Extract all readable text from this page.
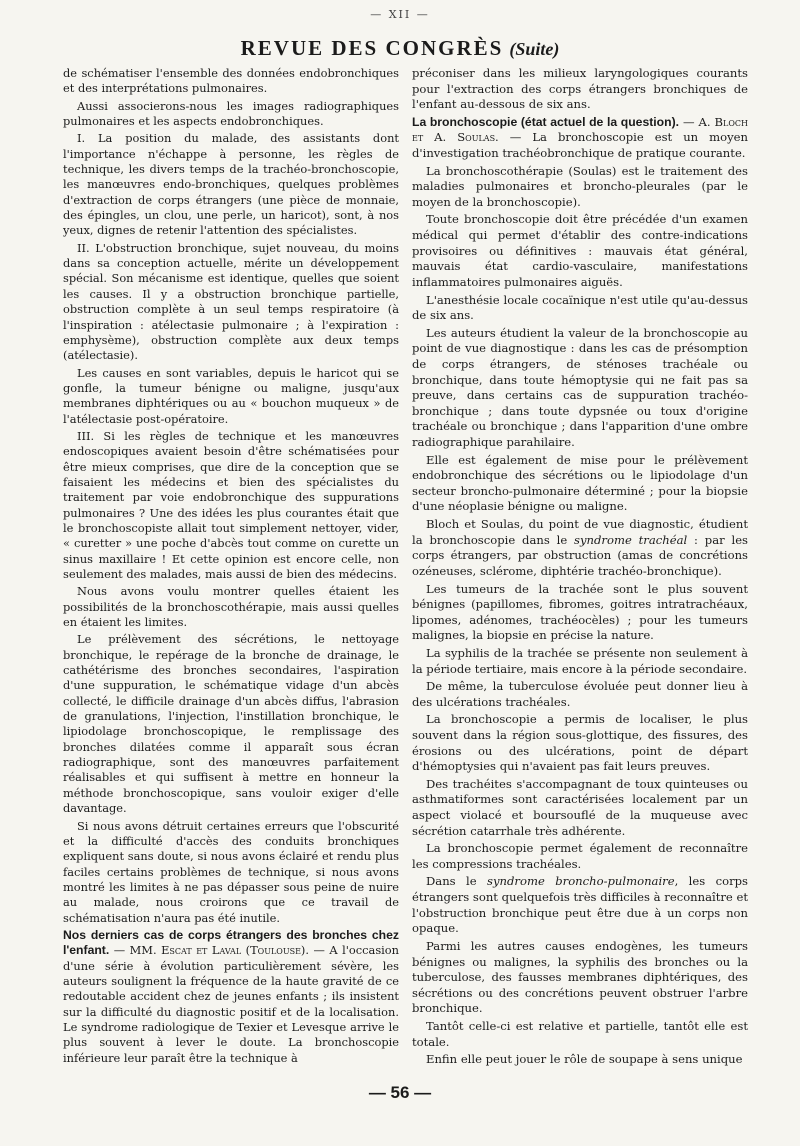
— XII —
REVUE DES CONGRÈS (Suite)

de schématiser l'ensemble des données endobronchiques et des interprétations pulmonaires.

Aussi associerons-nous les images radiographiques pulmonaires et les aspects endobronchiques.

I. La position du malade, des assistants dont l'importance n'échappe à personne, les règles de technique, les divers temps de la trachéo-bronchoscopie, les manœuvres endo-bronchiques, quelques problèmes d'extraction de corps étrangers (une pièce de monnaie, des épingles, un clou, une perle, un haricot), sont, à nos yeux, dignes de retenir l'attention des spécialistes.

II. L'obstruction bronchique, sujet nouveau, du moins dans sa conception actuelle, mérite un développement spécial. Son mécanisme est identique, quelles que soient les causes. Il y a obstruction bronchique partielle, obstruction complète à un seul temps respiratoire (à l'inspiration : atélectasie pulmonaire ; à l'expiration : emphysème), obstruction complète aux deux temps (atélectasie).

Les causes en sont variables, depuis le haricot qui se gonfle, la tumeur bénigne ou maligne, jusqu'aux membranes diphtériques ou au « bouchon muqueux » de l'atélectasie post-opératoire.

III. Si les règles de technique et les manœuvres endoscopiques avaient besoin d'être schématisées pour être mieux comprises, que dire de la conception que se faisaient les médecins et bien des spécialistes du traitement par voie endobronchique des suppurations pulmonaires ? Une des idées les plus courantes était que le bronchoscopiste allait tout simplement nettoyer, vider, « curetter » une poche d'abcès tout comme on curette un sinus maxillaire ! Et cette opinion est encore celle, non seulement des malades, mais aussi de bien des médecins.

Nous avons voulu montrer quelles étaient les possibilités de la bronchoscothérapie, mais aussi quelles en étaient les limites.

Le prélèvement des sécrétions, le nettoyage bronchique, le repérage de la bronche de drainage, le cathétérisme des bronches secondaires, l'aspiration d'une suppuration, le schématique vidage d'un abcès collecté, le difficile drainage d'un abcès diffus, l'abrasion de granulations, l'injection, l'instillation bronchique, le lipiodolage bronchoscopique, le remplissage des bronches dilatées comme il apparaît sous écran radiographique, sont des manœuvres parfaitement réalisables et qui suffisent à mettre en honneur la méthode bronchoscopique, sans vouloir exiger d'elle davantage.

Si nous avons détruit certaines erreurs que l'obscurité et la difficulté d'accès des conduits bronchiques expliquent sans doute, si nous avons éclairé et rendu plus faciles certains problèmes de technique, si nous avons montré les limites à ne pas dépasser sous peine de nuire au malade, nous croirons que ce travail de schématisation n'aura pas été inutile.

Nos derniers cas de corps étrangers des bronches chez l'enfant. — MM. Escat et Laval (Toulouse). — A l'occasion d'une série à évolution particulièrement sévère, les auteurs soulignent la fréquence de la haute gravité de ce redoutable accident chez de jeunes enfants ; ils insistent sur la difficulté du diagnostic positif et de la localisation. Le syndrome radiologique de Texier et Levesque arrive le plus souvent à lever le doute. La bronchoscopie inférieure leur paraît être la technique à

préconiser dans les milieux laryngologiques courants pour l'extraction des corps étrangers bronchiques de l'enfant au-dessous de six ans.

La bronchoscopie (état actuel de la question). — A. Bloch et A. Soulas. — La bronchoscopie est un moyen d'investigation trachéobronchique de pratique courante.

La bronchoscothérapie (Soulas) est le traitement des maladies pulmonaires et broncho-pleurales (par le moyen de la bronchoscopie).

Toute bronchoscopie doit être précédée d'un examen médical qui permet d'établir des contre-indications provisoires ou définitives : mauvais état général, mauvais état cardio-vasculaire, manifestations inflammatoires pulmonaires aiguës.

L'anesthésie locale cocaïnique n'est utile qu'au-dessus de six ans.

Les auteurs étudient la valeur de la bronchoscopie au point de vue diagnostique : dans les cas de présomption de corps étrangers, de sténoses trachéale ou bronchique, dans toute hémoptysie qui ne fait pas sa preuve, dans certains cas de suppuration trachéo-bronchique ; dans toute dypsnée ou toux d'origine trachéale ou bronchique ; dans l'apparition d'une ombre radiographique parahilaire.

Elle est également de mise pour le prélèvement endobronchique des sécrétions ou le lipiodolage d'un secteur broncho-pulmonaire déterminé ; pour la biopsie d'une néoplasie bénigne ou maligne.

Bloch et Soulas, du point de vue diagnostic, étudient la bronchoscopie dans le syndrome trachéal : par les corps étrangers, par obstruction (amas de concrétions ozéneuses, sclérome, diphtérie trachéo-bronchique).

Les tumeurs de la trachée sont le plus souvent bénignes (papillomes, fibromes, goitres intratrachéaux, lipomes, adénomes, trachéocèles) ; pour les tumeurs malignes, la biopsie en précise la nature.

La syphilis de la trachée se présente non seulement à la période tertiaire, mais encore à la période secondaire.

De même, la tuberculose évoluée peut donner lieu à des ulcérations trachéales.

La bronchoscopie a permis de localiser, le plus souvent dans la région sous-glottique, des fissures, des érosions ou des ulcérations, point de départ d'hémoptysies qui n'avaient pas fait leurs preuves.

Des trachéites s'accompagnant de toux quinteuses ou asthmatiformes sont caractérisées localement par un aspect violacé et boursouflé de la muqueuse avec sécrétion catarrhale très adhérente.

La bronchoscopie permet également de reconnaître les compressions trachéales.

Dans le syndrome broncho-pulmonaire, les corps étrangers sont quelquefois très difficiles à reconnaître et l'obstruction bronchique peut être due à un corps non opaque.

Parmi les autres causes endogènes, les tumeurs bénignes ou malignes, la syphilis des bronches ou la tuberculose, des fausses membranes diphtériques, des sécrétions ou des concrétions peuvent obstruer l'arbre bronchique.

Tantôt celle-ci est relative et partielle, tantôt elle est totale.

Enfin elle peut jouer le rôle de soupape à sens unique

— 56 —
